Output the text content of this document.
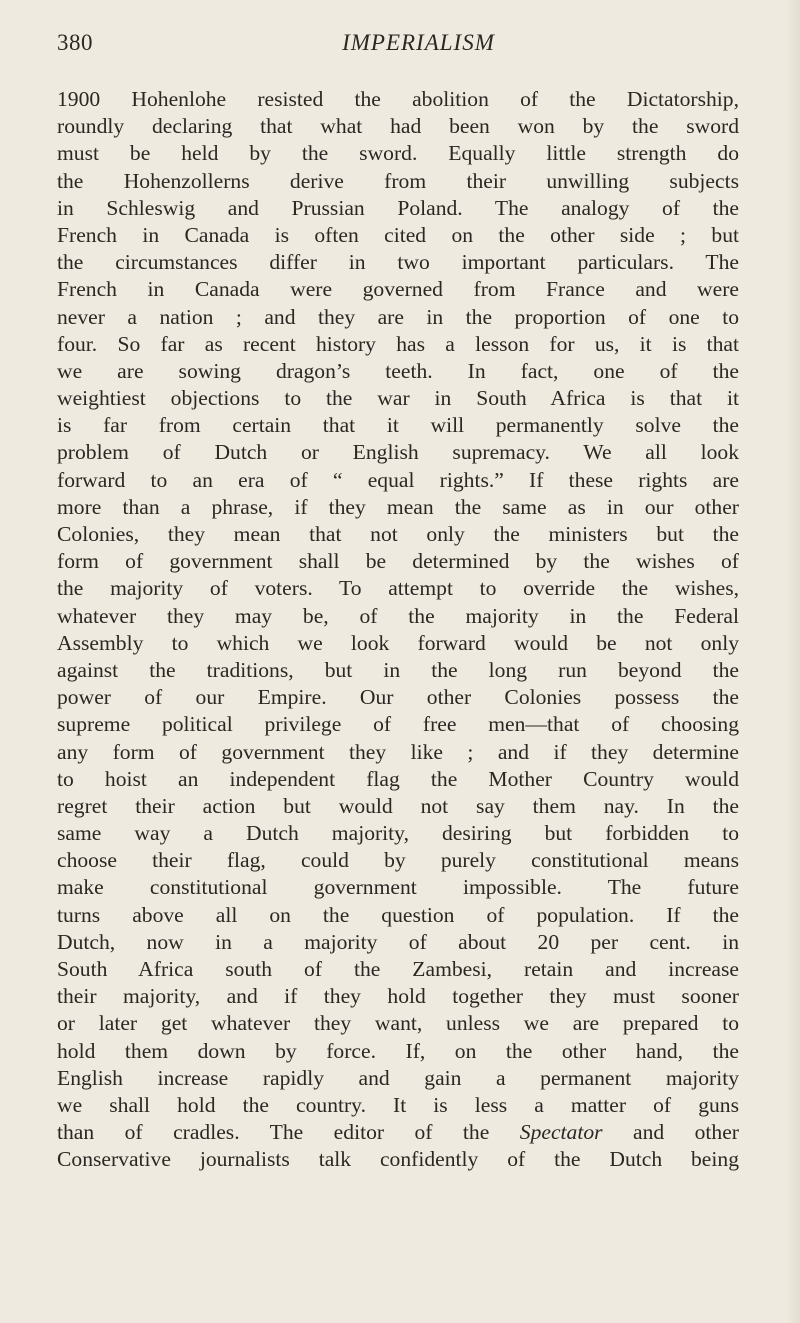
380	IMPERIALISM
1900 Hohenlohe resisted the abolition of the Dictatorship,
roundly declaring that what had been won by the sword
must be held by the sword. Equally little strength do
the Hohenzollerns derive from their unwilling subjects
in Schleswig and Prussian Poland. The analogy of the
French in Canada is often cited on the other side ; but
the circumstances differ in two important particulars. The
French in Canada were governed from France and were
never a nation ; and they are in the proportion of one to
four. So far as recent history has a lesson for us, it is that
we are sowing dragon’s teeth. In fact, one of the
weightiest objections to the war in South Africa is that it
is far from certain that it will permanently solve the
problem of Dutch or English supremacy. We all look
forward to an era of “ equal rights.” If these rights are
more than a phrase, if they mean the same as in our other
Colonies, they mean that not only the ministers but the
form of government shall be determined by the wishes of
the majority of voters. To attempt to override the wishes,
whatever they may be, of the majority in the Federal
Assembly to which we look forward would be not only
against the traditions, but in the long run beyond the
power of our Empire. Our other Colonies possess the
supreme political privilege of free men—that of choosing
any form of government they like ; and if they determine
to hoist an independent flag the Mother Country would
regret their action but would not say them nay. In the
same way a Dutch majority, desiring but forbidden to
choose their flag, could by purely constitutional means
make constitutional government impossible. The future
turns above all on the question of population. If the
Dutch, now in a majority of about 20 per cent. in
South Africa south of the Zambesi, retain and increase
their majority, and if they hold together they must sooner
or later get whatever they want, unless we are prepared to
hold them down by force. If, on the other hand, the
English increase rapidly and gain a permanent majority
we shall hold the country. It is less a matter of guns
than of cradles. The editor of the Spectator and other
Conservative journalists talk confidently of the Dutch being
